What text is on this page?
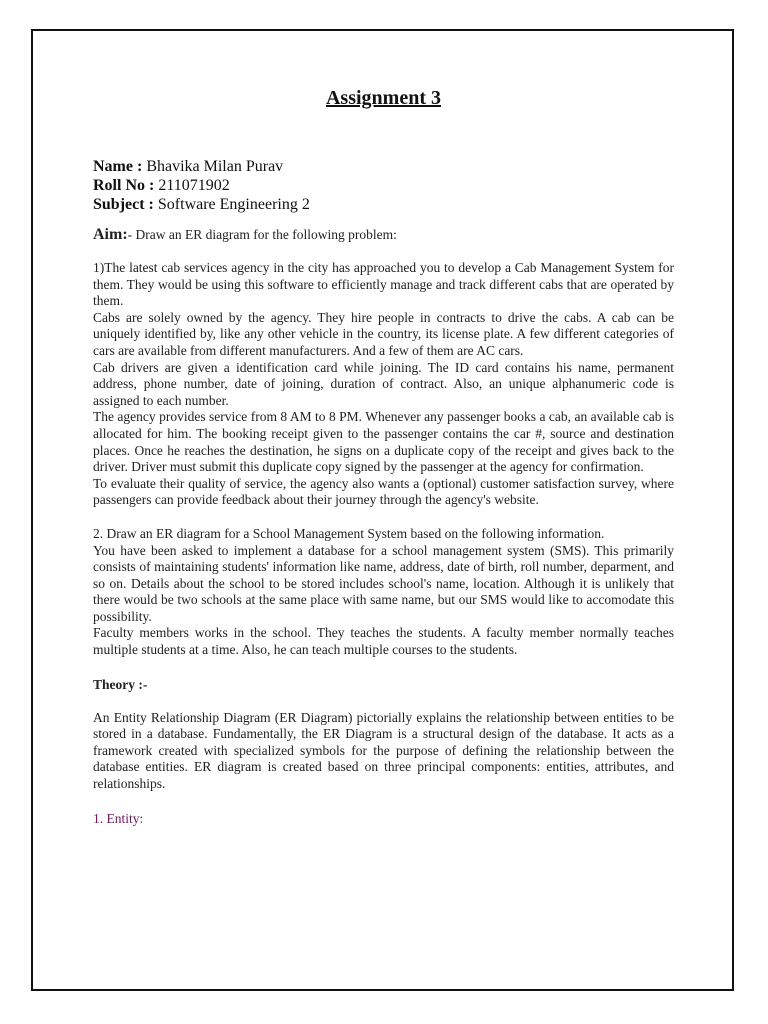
Assignment 3

Name : Bhavika Milan Purav

Roll No : 211071902

Subject : Software Engineering 2

Aim:- Draw an ER diagram for the following problem:

1)The latest cab services agency in the city has approached you to develop a Cab Management System for them. They would be using this software to efficiently manage and track different cabs that are operated by them.

Cabs are solely owned by the agency. They hire people in contracts to drive the cabs. A cab can be uniquely identified by, like any other vehicle in the country, its license plate. A few different categories of cars are available from different manufacturers. And a few of them are AC cars.

Cab drivers are given a identification card while joining. The ID card contains his name, permanent address, phone number, date of joining, duration of contract. Also, an unique alphanumeric code is assigned to each number.

The agency provides service from 8 AM to 8 PM. Whenever any passenger books a cab, an available cab is allocated for him. The booking receipt given to the passenger contains the car #, source and destination places. Once he reaches the destination, he signs on a duplicate copy of the receipt and gives back to the driver. Driver must submit this duplicate copy signed by the passenger at the agency for confirmation.

To evaluate their quality of service, the agency also wants a (optional) customer satisfaction survey, where passengers can provide feedback about their journey through the agency's website.

2. Draw an ER diagram for a School Management System based on the following information.

You have been asked to implement a database for a school management system (SMS). This primarily consists of maintaining students' information like name, address, date of birth, roll number, deparment, and so on. Details about the school to be stored includes school's name, location. Although it is unlikely that there would be two schools at the same place with same name, but our SMS would like to accomodate this possibility.

Faculty members works in the school. They teaches the students. A faculty member normally teaches multiple students at a time. Also, he can teach multiple courses to the students.

Theory :-

An Entity Relationship Diagram (ER Diagram) pictorially explains the relationship between entities to be stored in a database. Fundamentally, the ER Diagram is a structural design of the database. It acts as a framework created with specialized symbols for the purpose of defining the relationship between the database entities. ER diagram is created based on three principal components: entities, attributes, and relationships.

1. Entity:
